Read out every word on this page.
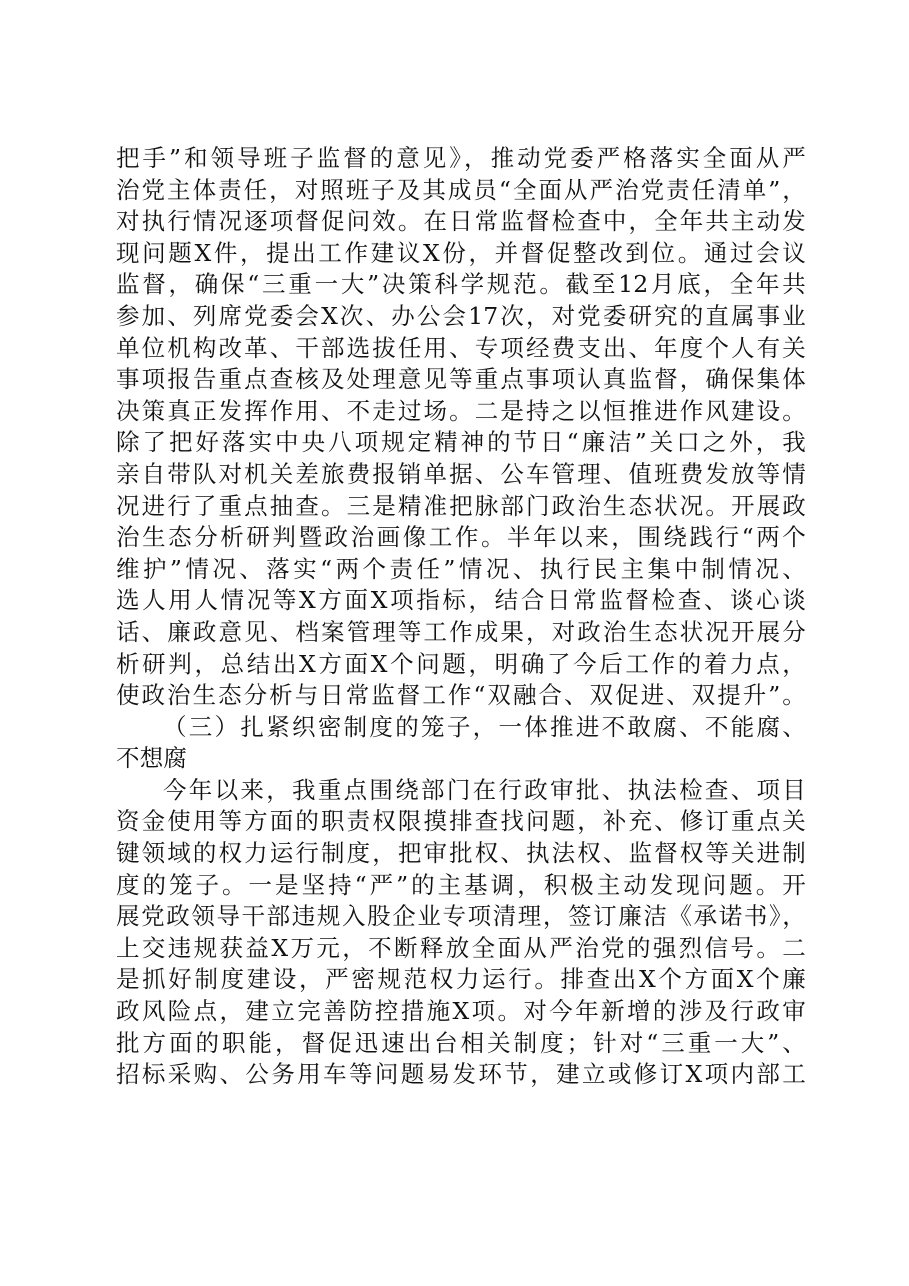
把手”和领导班子监督的意见》，推动党委严格落实全面从严
治党主体责任，对照班子及其成员“全面从严治党责任清单”，
对执行情况逐项督促问效。在日常监督检查中，全年共主动发
现问题X件，提出工作建议X份，并督促整改到位。通过会议
监督，确保“三重一大”决策科学规范。截至12月底，全年共
参加、列席党委会X次、办公会17次，对党委研究的直属事业
单位机构改革、干部选拔任用、专项经费支出、年度个人有关
事项报告重点查核及处理意见等重点事项认真监督，确保集体
决策真正发挥作用、不走过场。二是持之以恒推进作风建设。
除了把好落实中央八项规定精神的节日“廉洁”关口之外，我
亲自带队对机关差旅费报销单据、公车管理、值班费发放等情
况进行了重点抽查。三是精准把脉部门政治生态状况。开展政
治生态分析研判暨政治画像工作。半年以来，围绕践行“两个
维护”情况、落实“两个责任”情况、执行民主集中制情况、
选人用人情况等X方面X项指标，结合日常监督检查、谈心谈
话、廉政意见、档案管理等工作成果，对政治生态状况开展分
析研判，总结出X方面X个问题，明确了今后工作的着力点，
使政治生态分析与日常监督工作“双融合、双促进、双提升”。
（三）扎紧织密制度的笼子，一体推进不敢腐、不能腐、
不想腐
今年以来，我重点围绕部门在行政审批、执法检查、项目
资金使用等方面的职责权限摸排查找问题，补充、修订重点关
键领域的权力运行制度，把审批权、执法权、监督权等关进制
度的笼子。一是坚持“严”的主基调，积极主动发现问题。开
展党政领导干部违规入股企业专项清理，签订廉洁《承诺书》，
上交违规获益X万元，不断释放全面从严治党的强烈信号。二
是抓好制度建设，严密规范权力运行。排查出X个方面X个廉
政风险点，建立完善防控措施X项。对今年新增的涉及行政审
批方面的职能，督促迅速出台相关制度；针对“三重一大”、
招标采购、公务用车等问题易发环节，建立或修订X项内部工
